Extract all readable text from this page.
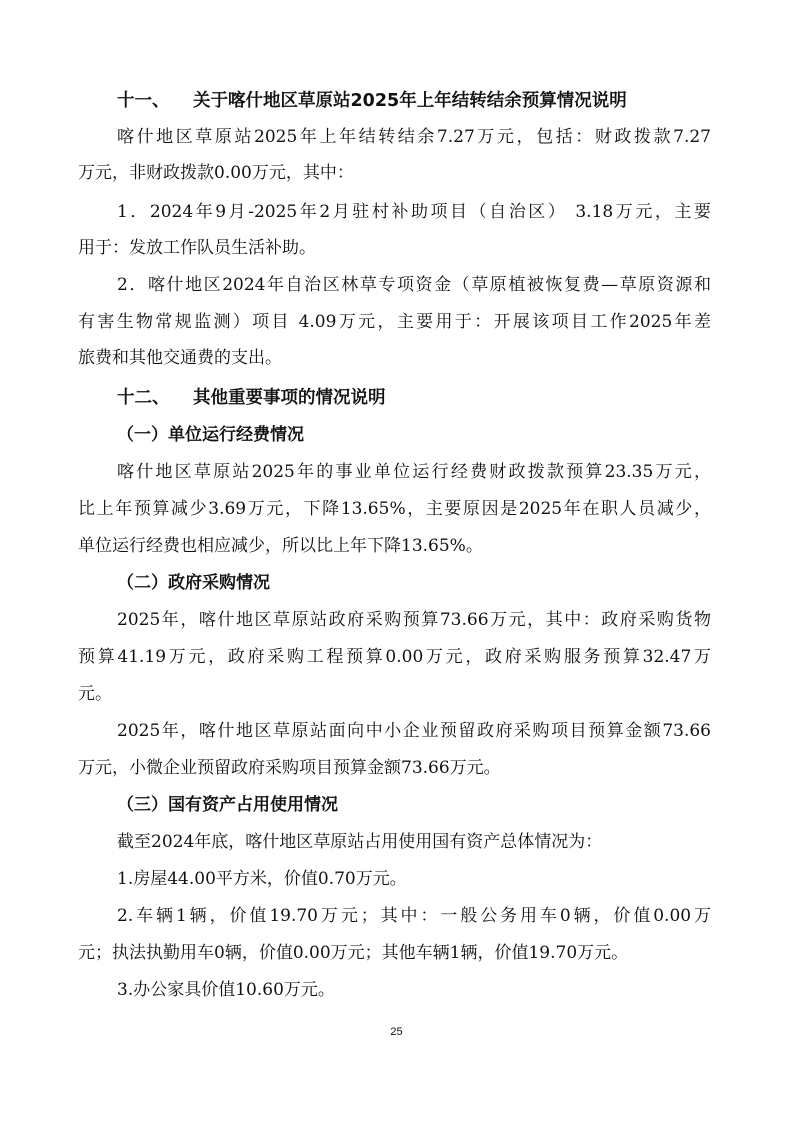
十一、 关于喀什地区草原站2025年上年结转结余预算情况说明
喀什地区草原站2025年上年结转结余7.27万元，包括：财政拨款7.27
万元，非财政拨款0.00万元，其中：
1．2024年9月-2025年2月驻村补助项目（自治区） 3.18万元，主要
用于：发放工作队员生活补助。
2．喀什地区2024年自治区林草专项资金（草原植被恢复费—草原资源和
有害生物常规监测）项目 4.09万元，主要用于：开展该项目工作2025年差
旅费和其他交通费的支出。
十二、 其他重要事项的情况说明
（一）单位运行经费情况
喀什地区草原站2025年的事业单位运行经费财政拨款预算23.35万元，
比上年预算减少3.69万元，下降13.65%，主要原因是2025年在职人员减少，
单位运行经费也相应减少，所以比上年下降13.65%。
（二）政府采购情况
2025年，喀什地区草原站政府采购预算73.66万元，其中：政府采购货物
预算41.19万元，政府采购工程预算0.00万元，政府采购服务预算32.47万
元。
2025年，喀什地区草原站面向中小企业预留政府采购项目预算金额73.66
万元，小微企业预留政府采购项目预算金额73.66万元。
（三）国有资产占用使用情况
截至2024年底，喀什地区草原站占用使用国有资产总体情况为：
1.房屋44.00平方米，价值0.70万元。
2.车辆1辆，价值19.70万元；其中：一般公务用车0辆，价值0.00万
元；执法执勤用车0辆，价值0.00万元；其他车辆1辆，价值19.70万元。
3.办公家具价值10.60万元。
25
